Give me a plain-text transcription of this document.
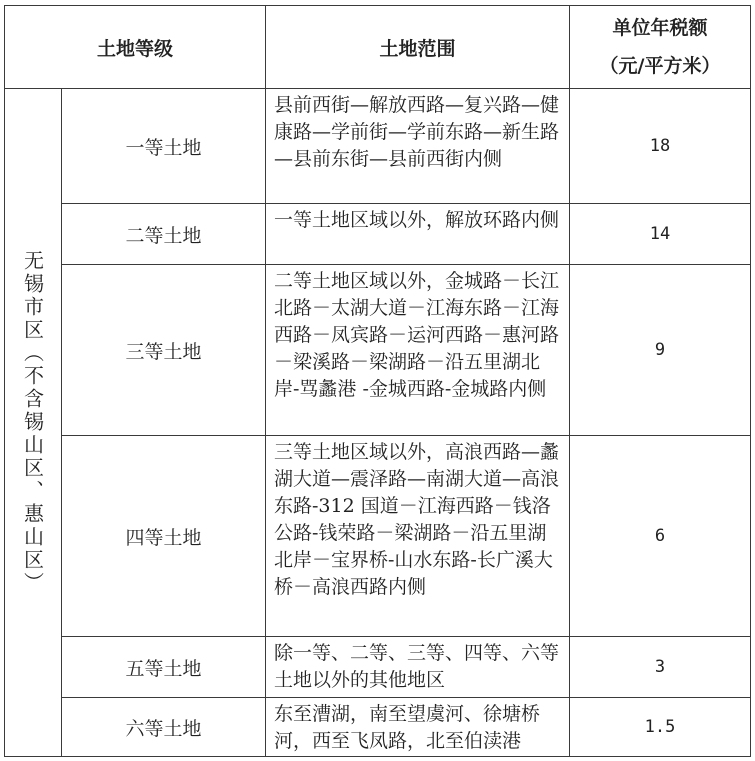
土地等级	土地范围
单位年税额
（元/平方米）
无锡市区（不含锡山区、惠山区）
一等土地
县前西街—解放西路—复兴路—健康路—学前街—学前东路—新生路—县前东街—县前西街内侧
18
二等土地
一等土地区域以外，解放环路内侧
14
三等土地
二等土地区域以外，金城路－长江北路－太湖大道－江海东路－江海西路－凤宾路－运河西路－惠河路－梁溪路－梁湖路－沿五里湖北岸-骂蠡港 -金城西路-金城路内侧
9
四等土地
三等土地区域以外，高浪西路—蠡湖大道—震泽路—南湖大道—高浪东路-312 国道－江海西路－钱洛公路-钱荣路－梁湖路－沿五里湖北岸－宝界桥-山水东路-长广溪大桥－高浪西路内侧
6
五等土地
除一等、二等、三等、四等、六等土地以外的其他地区
3
六等土地
东至漕湖，南至望虞河、徐塘桥河，西至飞凤路，北至伯渎港
1.5
